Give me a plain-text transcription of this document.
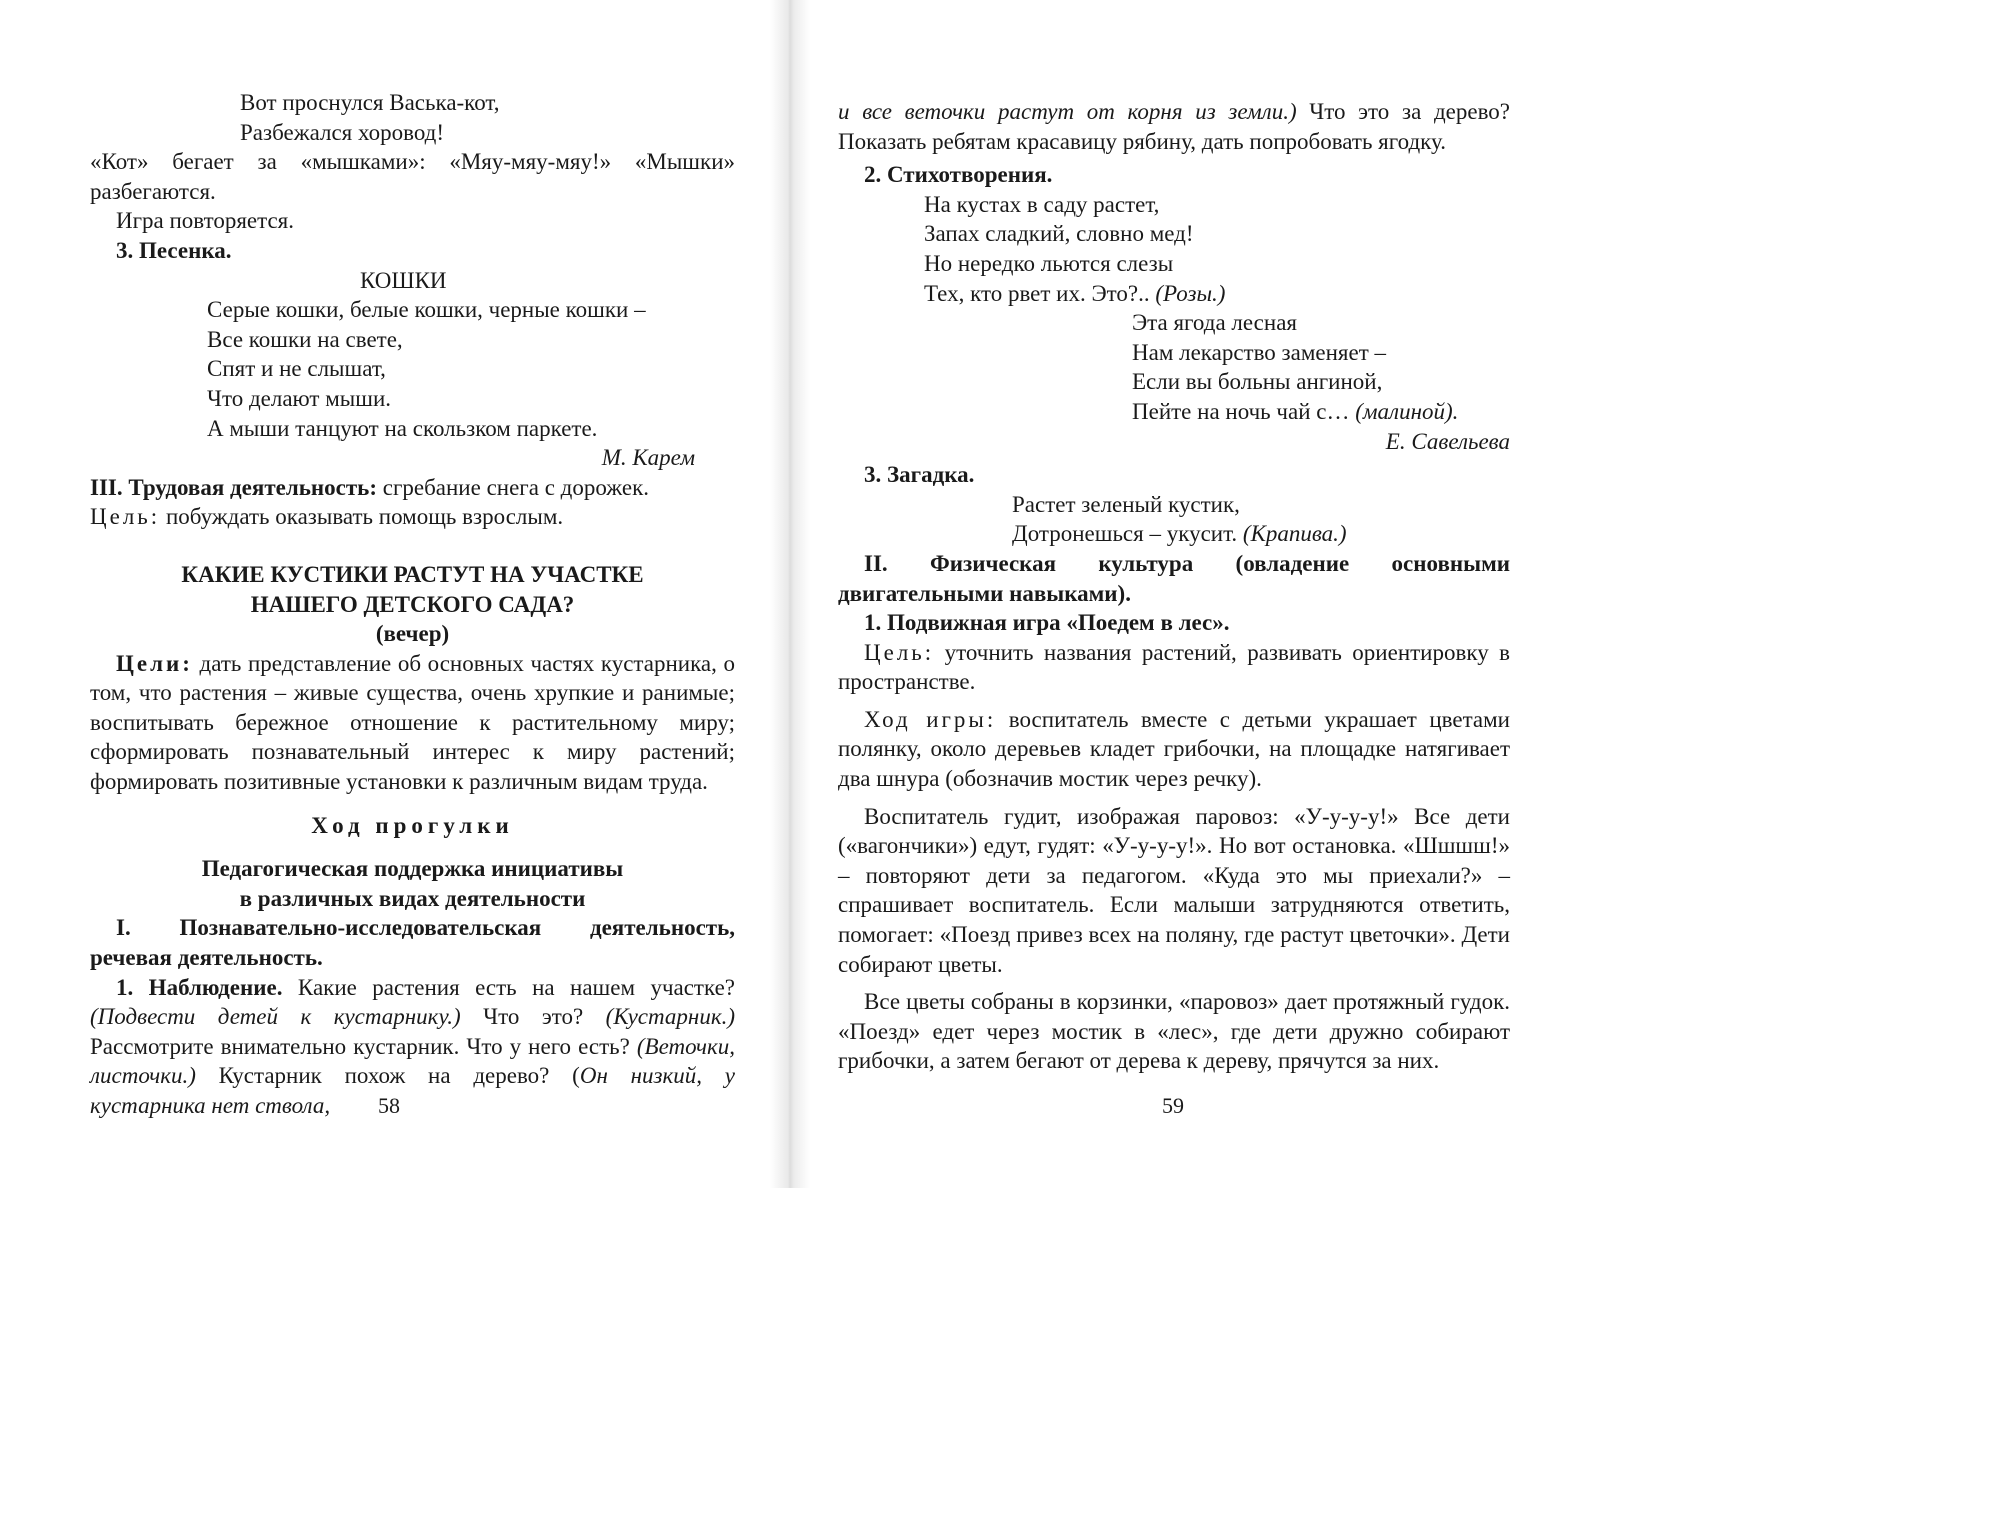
Вот проснулся Васька-кот,

Разбежался хоровод!

«Кот» бегает за «мышками»: «Мяу-мяу-мяу!» «Мышки»

разбегаются.

Игра повторяется.

3. Песенка.

КОШКИ

Серые кошки, белые кошки, черные кошки –

Все кошки на свете,

Спят и не слышат,

Что делают мыши.

А мыши танцуют на скользком паркете.

М. Карем

III. Трудовая деятельность: сгребание снега с дорожек.

Цель: побуждать оказывать помощь взрослым.

КАКИЕ КУСТИКИ РАСТУТ НА УЧАСТКЕ

НАШЕГО ДЕТСКОГО САДА?

(вечер)

Цели: дать представление об основных частях кустарника, о том, что растения – живые существа, очень хрупкие и ранимые; воспитывать бережное отношение к растительному миру; сформировать познавательный интерес к миру растений; формировать позитивные установки к различным видам труда.

Ход прогулки

Педагогическая поддержка инициативы

в различных видах деятельности

I. Познавательно-исследовательская деятельность, речевая деятельность.

1. Наблюдение. Какие растения есть на нашем участке? (Подвести детей к кустарнику.) Что это? (Кустарник.) Рассмотрите внимательно кустарник. Что у него есть? (Веточки, листочки.) Кустарник похож на дерево? (Он низкий, у кустарника нет ствола,	58

и все веточки растут от корня из земли.) Что это за дерево? Показать ребятам красавицу рябину, дать попробовать ягодку.

2. Стихотворения.

На кустах в саду растет,

Запах сладкий, словно мед!

Но нередко льются слезы

Тех, кто рвет их. Это?.. (Розы.)

Эта ягода лесная

Нам лекарство заменяет –

Если вы больны ангиной,

Пейте на ночь чай с… (малиной).

Е. Савельева

3. Загадка.

Растет зеленый кустик,

Дотронешься – укусит. (Крапива.)

II. Физическая культура (овладение основными двигательными навыками).

1. Подвижная игра «Поедем в лес».

Цель: уточнить названия растений, развивать ориентировку в пространстве.

Ход игры: воспитатель вместе с детьми украшает цветами полянку, около деревьев кладет грибочки, на площадке натягивает два шнура (обозначив мостик через речку).

Воспитатель гудит, изображая паровоз: «У-у-у-у!» Все дети («вагончики») едут, гудят: «У-у-у-у!». Но вот остановка. «Шшшш!» – повторяют дети за педагогом. «Куда это мы приехали?» – спрашивает воспитатель. Если малыши затрудняются ответить, помогает: «Поезд привез всех на поляну, где растут цветочки». Дети собирают цветы.

Все цветы собраны в корзинки, «паровоз» дает протяжный гудок. «Поезд» едет через мостик в «лес», где дети дружно собирают грибочки, а затем бегают от дерева к дереву, прячутся за них.

59
